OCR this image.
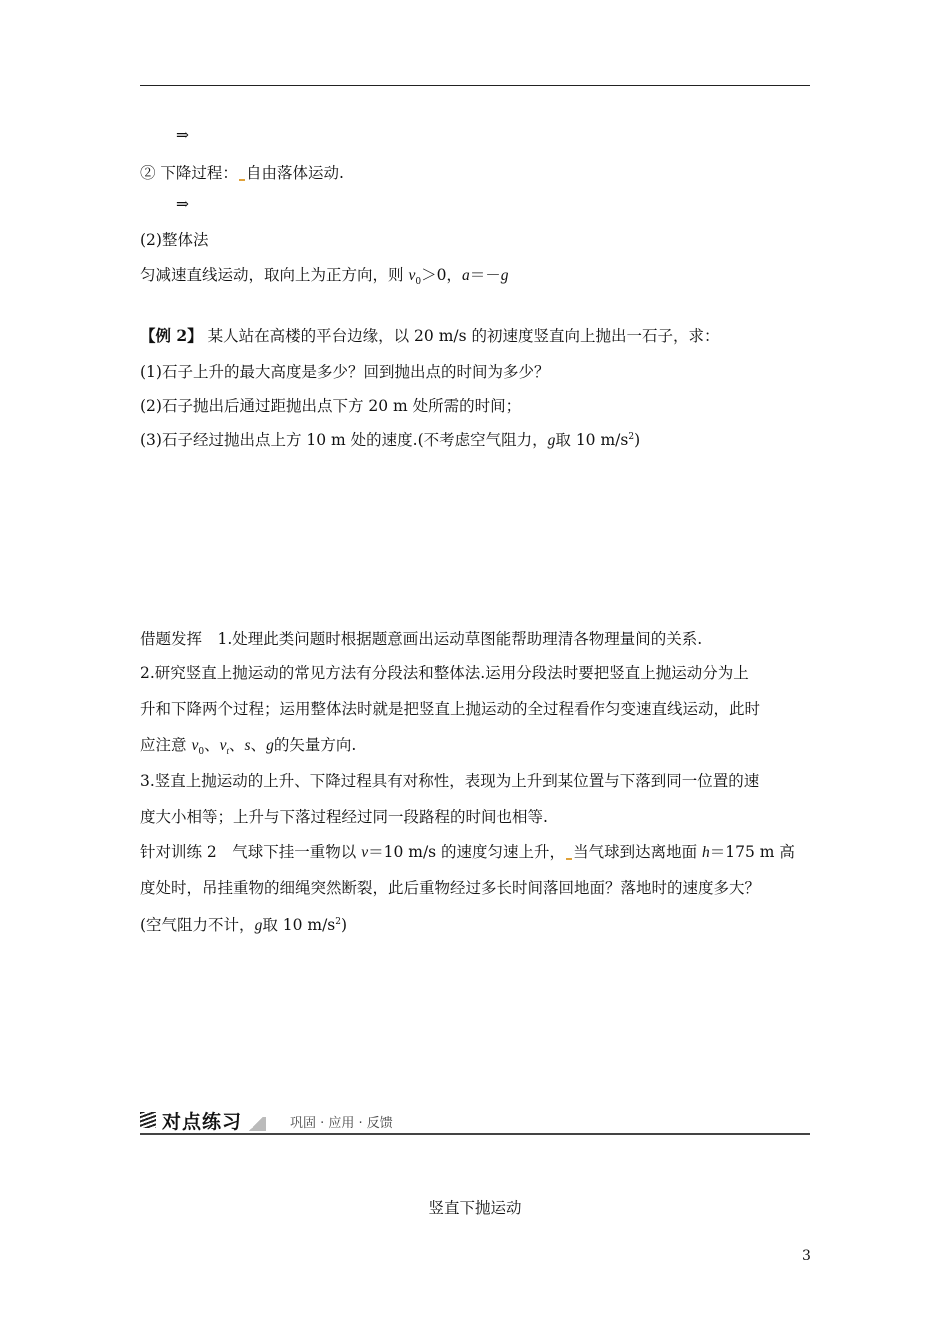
⇒
② 下降过程： 自由落体运动.
⇒
(2)整体法
匀减速直线运动，取向上为正方向，则 $v_0>0$，a＝－g
【例 2】 某人站在高楼的平台边缘，以 20 m/s 的初速度竖直向上抛出一石子，求：
(1)石子上升的最大高度是多少？回到抛出点的时间为多少？
(2)石子抛出后通过距抛出点下方 20 m 处所需的时间；
(3)石子经过抛出点上方 10 m 处的速度.(不考虑空气阻力，g取 10 $m/s^2$)
借题发挥　1.处理此类问题时根据题意画出运动草图能帮助理清各物理量间的关系.
2.研究竖直上抛运动的常见方法有分段法和整体法.运用分段法时要把竖直上抛运动分为上
升和下降两个过程；运用整体法时就是把竖直上抛运动的全过程看作匀变速直线运动，此时
应注意 $v_0$、$v_t$、s、g的矢量方向.
3.竖直上抛运动的上升、下降过程具有对称性，表现为上升到某位置与下落到同一位置的速
度大小相等；上升与下落过程经过同一段路程的时间也相等.
针对训练 2　气球下挂一重物以 v＝10 m/s 的速度匀速上升， 当气球到达离地面 h＝175 m 高
度处时，吊挂重物的细绳突然断裂，此后重物经过多长时间落回地面？落地时的速度多大？
(空气阻力不计，g取 10 $m/s^2$)
对点练习	巩固 · 应用 · 反馈
竖直下抛运动
3
